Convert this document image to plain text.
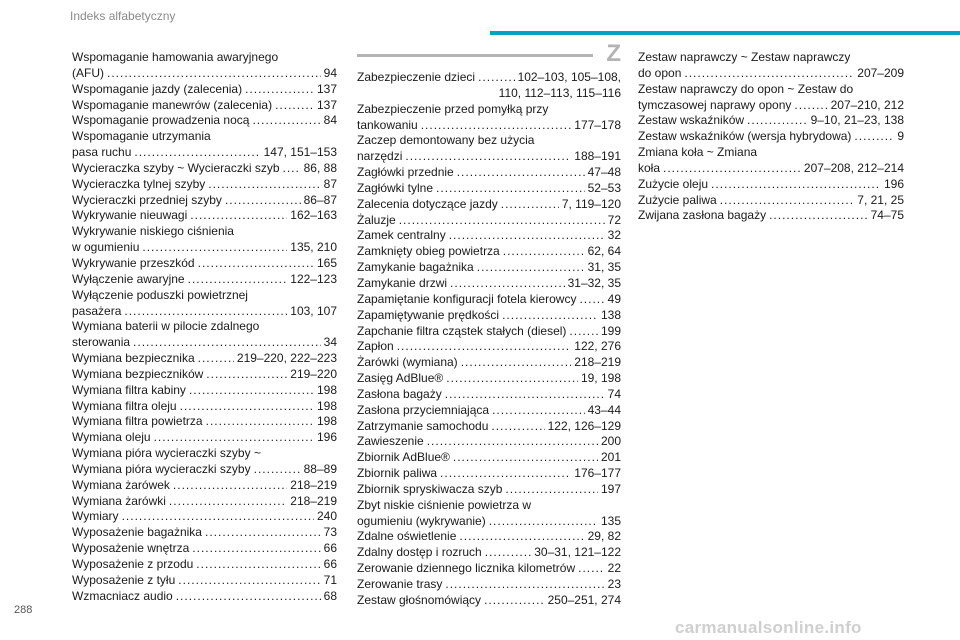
Indeks alfabetyczny
Wspomaganie hamowania awaryjnego
(AFU) .....	94
Wspomaganie jazdy (zalecenia) .....	137
Wspomaganie manewrów (zalecenia) .....	137
Wspomaganie prowadzenia nocą .....	84
Wspomaganie utrzymania
pasa ruchu .....	147, 151–153
Wycieraczka szyby ~ Wycieraczki szyb ..... 86, 88
Wycieraczka tylnej szyby .....	87
Wycieraczki przedniej szyby .....	86–87
Wykrywanie nieuwagi .....	162–163
Wykrywanie niskiego ciśnienia
w ogumieniu .....	135, 210
Wykrywanie przeszkód .....	165
Wyłączenie awaryjne .....	122–123
Wyłączenie poduszki powietrznej
pasażera .....	103, 107
Wymiana baterii w pilocie zdalnego
sterowania .....	34
Wymiana bezpiecznika .....	219–220, 222–223
Wymiana bezpieczników .....	219–220
Wymiana filtra kabiny .....	198
Wymiana filtra oleju .....	198
Wymiana filtra powietrza .....	198
Wymiana oleju .....	196
Wymiana pióra wycieraczki szyby ~
Wymiana pióra wycieraczki szyby .....	88–89
Wymiana żarówek .....	218–219
Wymiana żarówki .....	218–219
Wymiary .....	240
Wyposażenie bagażnika .....	73
Wyposażenie wnętrza .....	66
Wyposażenie z przodu .....	66
Wyposażenie z tyłu .....	71
Wzmacniacz audio .....	68
Z
Zabezpieczenie dzieci .....	102–103, 105–108,
110, 112–113, 115–116
Zabezpieczenie przed pomyłką przy
tankowaniu .....	177–178
Zaczep demontowany bez użycia
narzędzi .....	188–191
Zagłówki przednie .....	47–48
Zagłówki tylne .....	52–53
Zalecenia dotyczące jazdy .....	7, 119–120
Żaluzje .....	72
Zamek centralny .....	32
Zamknięty obieg powietrza .....	62, 64
Zamykanie bagażnika .....	31, 35
Zamykanie drzwi .....	31–32, 35
Zapamiętanie konfiguracji fotela kierowcy .....	49
Zapamiętywanie prędkości .....	138
Zapchanie filtra cząstek stałych (diesel) .....	199
Zapłon .....	122, 276
Żarówki (wymiana) .....	218–219
Zasięg AdBlue® .....	19, 198
Zasłona bagaży .....	74
Zasłona przyciemniająca .....	43–44
Zatrzymanie samochodu .....	122, 126–129
Zawieszenie .....	200
Zbiornik AdBlue® .....	201
Zbiornik paliwa .....	176–177
Zbiornik spryskiwacza szyb .....	197
Zbyt niskie ciśnienie powietrza w
ogumieniu (wykrywanie) .....	135
Zdalne oświetlenie .....	29, 82
Zdalny dostęp i rozruch .....	30–31, 121–122
Zerowanie dziennego licznika kilometrów .....	22
Zerowanie trasy .....	23
Zestaw głośnomówiący .....	250–251, 274
Zestaw naprawczy ~ Zestaw naprawczy
do opon .....	207–209
Zestaw naprawczy do opon ~ Zestaw do
tymczasowej naprawy opony .....	207–210, 212
Zestaw wskaźników .....	9–10, 21–23, 138
Zestaw wskaźników (wersja hybrydowa) .....	9
Zmiana koła ~ Zmiana
koła .....	207–208, 212–214
Zużycie oleju .....	196
Zużycie paliwa .....	7, 21, 25
Zwijana zasłona bagaży .....	74–75
288
carmanualsonline.info
